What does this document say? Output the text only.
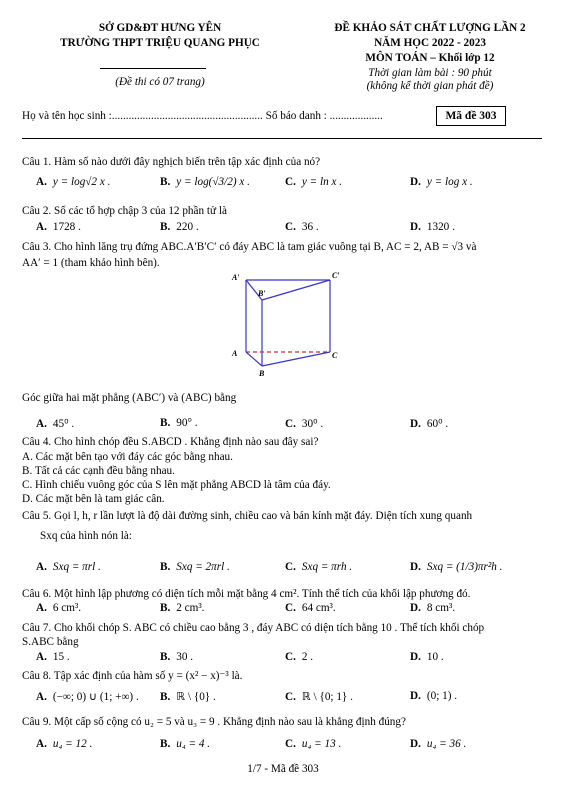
SỞ GD&ĐT HƯNG YÊN
TRƯỜNG THPT TRIỆU QUANG PHỤC
(Đề thi có 07 trang)
ĐỀ KHẢO SÁT CHẤT LƯỢNG LẦN 2
NĂM HỌC 2022 - 2023
MÔN TOÁN – Khối lớp 12
Thời gian làm bài : 90 phút
(không kể thời gian phát đề)
Họ và tên học sinh :...................................................... Số báo danh : ...................	Mã đề 303
Câu 1. Hàm số nào dưới đây nghịch biến trên tập xác định của nó?
A. y = log√2 x .	B. y = log(√3/2) x .	C. y = ln x .	D. y = log x .
Câu 2. Số các tổ hợp chập 3 của 12 phần tử là
A. 1728 .	B. 220 .	C. 36 .	D. 1320 .
Câu 3. Cho hình lăng trụ đứng ABC.A′B′C′ có đáy ABC là tam giác vuông tại B, AC = 2, AB = √3 và
AA′ = 1 (tham khảo hình bên).
A′	C′
B′
A	C
B
Góc giữa hai mặt phẳng (ABC′) và (ABC) bằng
A. 45⁰ .	B. 90° .	C. 30⁰ .	D. 60⁰ .
Câu 4. Cho hình chóp đều S.ABCD . Khẳng định nào sau đây sai?
A. Các mặt bên tạo với đáy các góc bằng nhau.
B. Tất cả các cạnh đều bằng nhau.
C. Hình chiếu vuông góc của S lên mặt phẳng ABCD là tâm của đáy.
D. Các mặt bên là tam giác cân.
Câu 5. Gọi l, h, r lần lượt là độ dài đường sinh, chiều cao và bán kính mặt đáy. Diện tích xung quanh
Sxq của hình nón là:
A. Sxq = πrl .	B. Sxq = 2πrl .	C. Sxq = πrh .	D. Sxq = (1/3)πr²h .
Câu 6. Một hình lập phương có diện tích mỗi mặt bằng 4 cm². Tính thể tích của khối lập phương đó.
A. 6 cm³.	B. 2 cm³.	C. 64 cm³.	D. 8 cm³.
Câu 7. Cho khối chóp S. ABC có chiều cao bằng 3 , đáy ABC có diện tích bằng 10 . Thể tích khối chóp
S.ABC bằng
A. 15 .	B. 30 .	C. 2 .	D. 10 .
Câu 8. Tập xác định của hàm số y = (x² − x)⁻³ là.
A. (−∞; 0) ∪ (1; +∞) . B. ℝ \ {0} .	C. ℝ \ {0; 1} .	D. (0; 1) .
Câu 9. Một cấp số cộng có u₂ = 5 và u₃ = 9 . Khẳng định nào sau là khẳng định đúng?
A. u₄ = 12 .	B. u₄ = 4 .	C. u₄ = 13 .	D. u₄ = 36 .
1/7 - Mã đề 303
